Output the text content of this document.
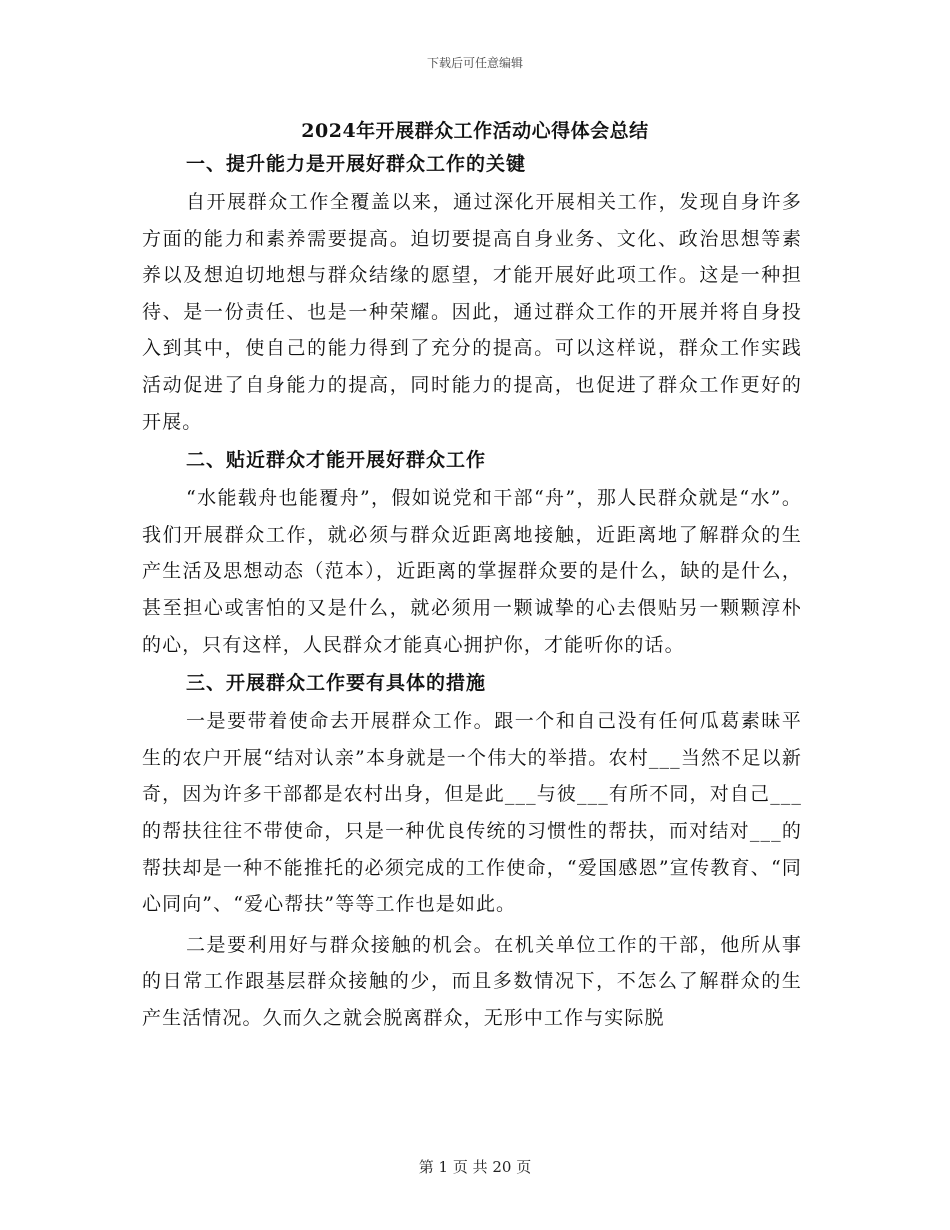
下载后可任意编辑
2024年开展群众工作活动心得体会总结
一、提升能力是开展好群众工作的关键

自开展群众工作全覆盖以来，通过深化开展相关工作，发现自身许多方面的能力和素养需要提高。迫切要提高自身业务、文化、政治思想等素养以及想迫切地想与群众结缘的愿望，才能开展好此项工作。这是一种担待、是一份责任、也是一种荣耀。因此，通过群众工作的开展并将自身投入到其中，使自己的能力得到了充分的提高。可以这样说，群众工作实践活动促进了自身能力的提高，同时能力的提高，也促进了群众工作更好的开展。

二、贴近群众才能开展好群众工作

“水能载舟也能覆舟”，假如说党和干部“舟”，那人民群众就是“水”。我们开展群众工作，就必须与群众近距离地接触，近距离地了解群众的生产生活及思想动态（范本），近距离的掌握群众要的是什么，缺的是什么，甚至担心或害怕的又是什么，就必须用一颗诚挚的心去偎贴另一颗颗淳朴的心，只有这样，人民群众才能真心拥护你，才能听你的话。

三、开展群众工作要有具体的措施

一是要带着使命去开展群众工作。跟一个和自己没有任何瓜葛素昧平生的农户开展“结对认亲”本身就是一个伟大的举措。农村___当然不足以新奇，因为许多干部都是农村出身，但是此___与彼___有所不同，对自己___的帮扶往往不带使命，只是一种优良传统的习惯性的帮扶，而对结对___的帮扶却是一种不能推托的必须完成的工作使命，“爱国感恩”宣传教育、“同心同向”、“爱心帮扶”等等工作也是如此。

二是要利用好与群众接触的机会。在机关单位工作的干部，他所从事的日常工作跟基层群众接触的少，而且多数情况下，不怎么了解群众的生产生活情况。久而久之就会脱离群众，无形中工作与实际脱

第 1 页 共 20 页
